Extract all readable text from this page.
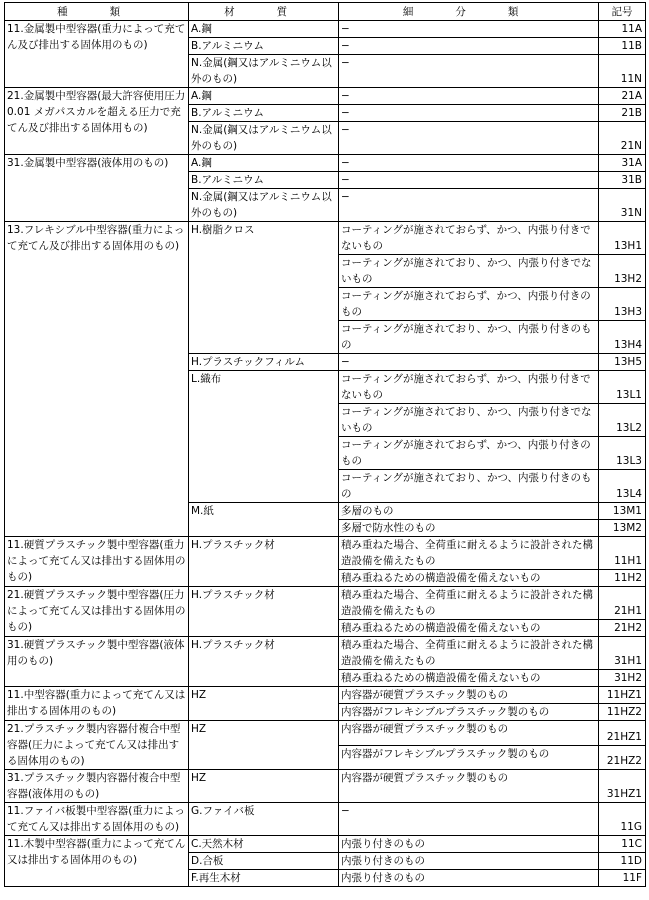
種　類	材　質	細　分　類	記号
11.金属製中型容器(重力によって充てん及び排出する固体用のもの)	A.鋼	−	11A
	B.アルミニウム	−	11B
	N.金属(鋼又はアルミニウム以外のもの)	−	11N
21.金属製中型容器(最大許容使用圧力 0.01 メガパスカルを超える圧力で充てん及び排出する固体用もの)	A.鋼	−	21A
	B.アルミニウム	−	21B
	N.金属(鋼又はアルミニウム以外のもの)	−	21N
31.金属製中型容器(液体用のもの)	A.鋼	−	31A
	B.アルミニウム	−	31B
	N.金属(鋼又はアルミニウム以外のもの)	−	31N
13.フレキシブル中型容器(重力によって充てん及び排出する固体用のもの)	H.樹脂クロス	コーティングが施されておらず、かつ、内張り付きでないもの	13H1
		コーティングが施されており、かつ、内張り付きでないもの	13H2
		コーティングが施されておらず、かつ、内張り付きのもの	13H3
		コーティングが施されており、かつ、内張り付きのもの	13H4
	H.プラスチックフィルム	−	13H5
	L.織布	コーティングが施されておらず、かつ、内張り付きでないもの	13L1
		コーティングが施されており、かつ、内張り付きでないもの	13L2
		コーティングが施されておらず、かつ、内張り付きのもの	13L3
		コーティングが施されており、かつ、内張り付きのもの	13L4
	M.紙	多層のもの	13M1
		多層で防水性のもの	13M2
11.硬質プラスチック製中型容器(重力によって充てん又は排出する固体用のもの)	H.プラスチック材	積み重ねた場合、全荷重に耐えるように設計された構造設備を備えたもの	11H1
		積み重ねるための構造設備を備えないもの	11H2
21.硬質プラスチック製中型容器(圧力によって充てん又は排出する固体用のもの)	H.プラスチック材	積み重ねた場合、全荷重に耐えるように設計された構造設備を備えたもの	21H1
		積み重ねるための構造設備を備えないもの	21H2
31.硬質プラスチック製中型容器(液体用のもの)	H.プラスチック材	積み重ねた場合、全荷重に耐えるように設計された構造設備を備えたもの	31H1
		積み重ねるための構造設備を備えないもの	31H2
11.中型容器(重力によって充てん又は排出する固体用のもの)	HZ	内容器が硬質プラスチック製のもの	11HZ1
		内容器がフレキシブルプラスチック製のもの	11HZ2
21.プラスチック製内容器付複合中型容器(圧力によって充てん又は排出する固体用のもの)	HZ	内容器が硬質プラスチック製のもの	21HZ1
		内容器がフレキシブルプラスチック製のもの	21HZ2
31.プラスチック製内容器付複合中型容器(液体用のもの)	HZ	内容器が硬質プラスチック製のもの	31HZ1
11.ファイバ板製中型容器(重力によって充てん又は排出する固体用のもの)	G.ファイバ板	−	11G
11.木製中型容器(重力によって充てん又は排出する固体用のもの)	C.天然木材	内張り付きのもの	11C
	D.合板	内張り付きのもの	11D
	F.再生木材	内張り付きのもの	11F
